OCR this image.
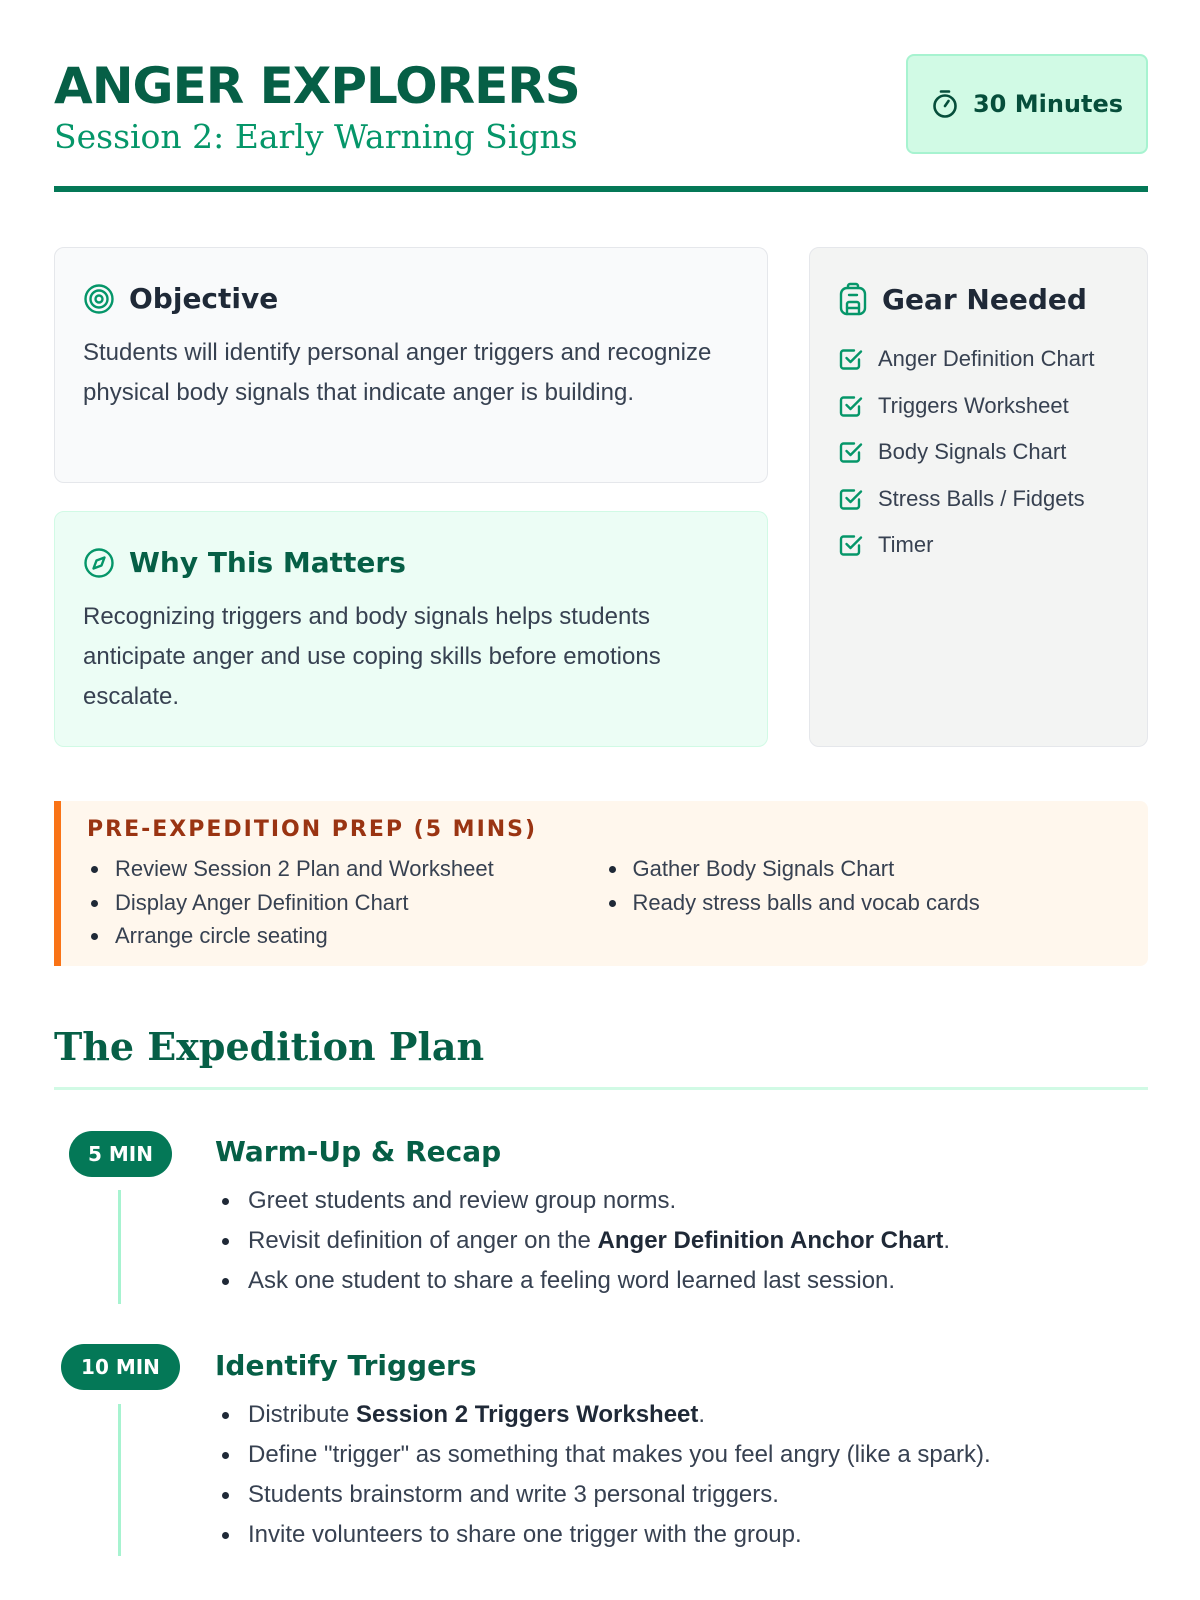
ANGER EXPLORERS
Session 2: Early Warning Signs
30 Minutes
Objective

Students will identify personal anger triggers and recognize physical body signals that indicate anger is building.

Why This Matters

Recognizing triggers and body signals helps students anticipate anger and use coping skills before emotions escalate.

Gear Needed
Anger Definition Chart
Triggers Worksheet
Body Signals Chart
Stress Balls / Fidgets
Timer
PRE-EXPEDITION PREP (5 MINS)
Review Session 2 Plan and Worksheet
Display Anger Definition Chart
Arrange circle seating
Gather Body Signals Chart
Ready stress balls and vocab cards
The Expedition Plan
5 MIN	Warm-Up & Recap
Greet students and review group norms.
Revisit definition of anger on the Anger Definition Anchor Chart.
Ask one student to share a feeling word learned last session.
10 MIN	Identify Triggers
Distribute Session 2 Triggers Worksheet.
Define "trigger" as something that makes you feel angry (like a spark).
Students brainstorm and write 3 personal triggers.
Invite volunteers to share one trigger with the group.
